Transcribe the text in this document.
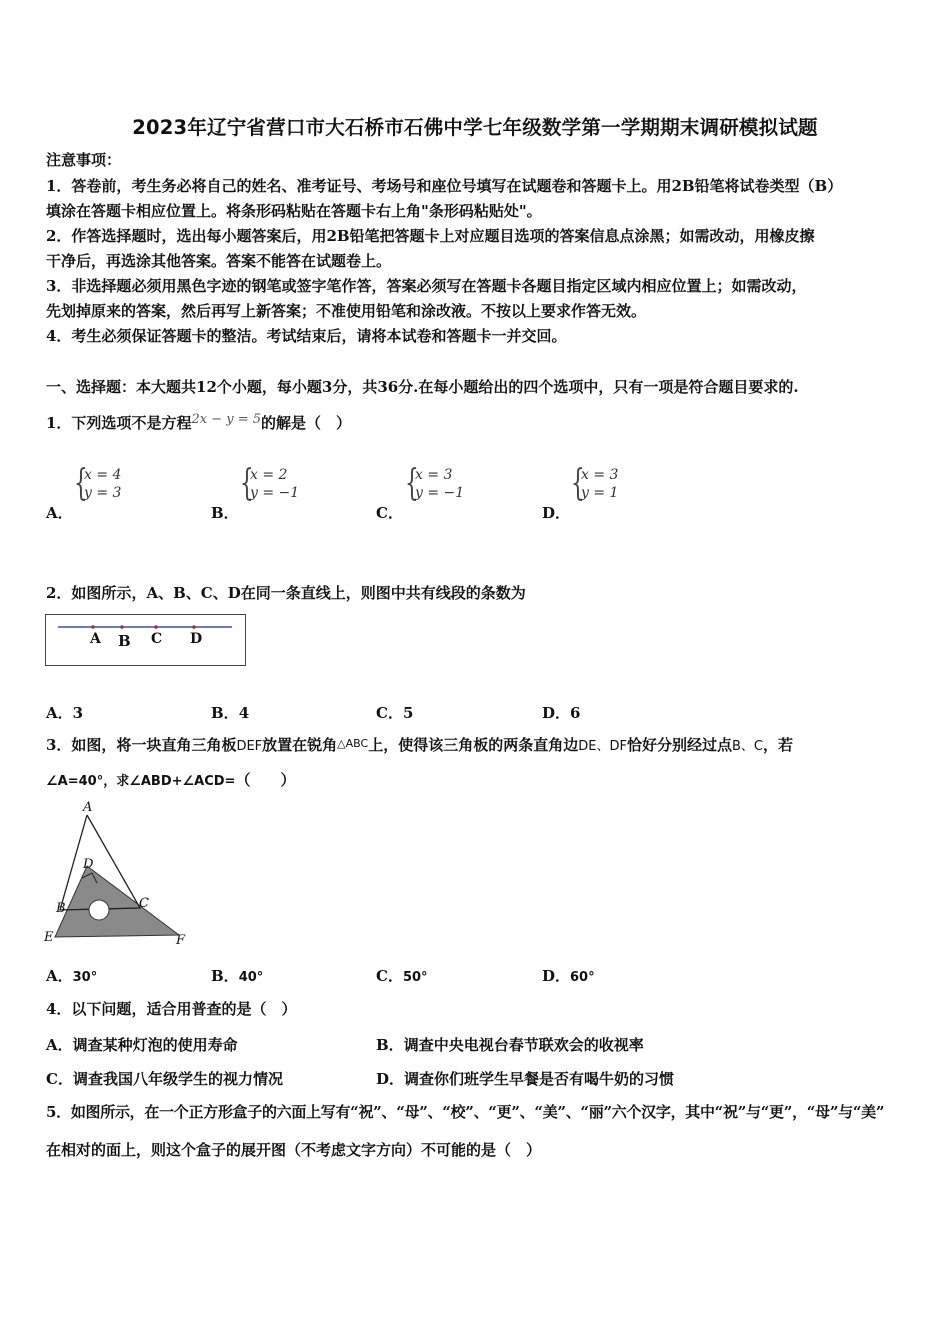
2023年辽宁省营口市大石桥市石佛中学七年级数学第一学期期末调研模拟试题
注意事项：
1．答卷前，考生务必将自己的姓名、准考证号、考场号和座位号填写在试题卷和答题卡上。用2B铅笔将试卷类型（B）
填涂在答题卡相应位置上。将条形码粘贴在答题卡右上角"条形码粘贴处"。
2．作答选择题时，选出每小题答案后，用2B铅笔把答题卡上对应题目选项的答案信息点涂黑；如需改动，用橡皮擦
干净后，再选涂其他答案。答案不能答在试题卷上。
3．非选择题必须用黑色字迹的钢笔或签字笔作答，答案必须写在答题卡各题目指定区域内相应位置上；如需改动，
先划掉原来的答案，然后再写上新答案；不准使用铅笔和涂改液。不按以上要求作答无效。
4．考生必须保证答题卡的整洁。考试结束后，请将本试卷和答题卡一并交回。
一、选择题：本大题共12个小题，每小题3分，共36分.在每小题给出的四个选项中，只有一项是符合题目要求的.
1．下列选项不是方程2x − y = 5的解是（　）
{
x = 4
y = 3	{
x = 2
y = −1	{
x = 3
y = −1	{
x = 3
y = 1
A．	B．	C．	D．
2．如图所示，A、B、C、D在同一条直线上，则图中共有线段的条数为
A B C D
A．3	B．4	C．5	D．6
3．如图，将一块直角三角板DEF放置在锐角$^{\triangle ABC}$上，使得该三角板的两条直角边DE、DF恰好分别经过点B、C，若
∠A=40°，求∠ABD+∠ACD=（　　）
A
D
B	C
E	F
A．30°	B．40°	C．50°	D．60°
4．以下问题，适合用普查的是（　）
A．调查某种灯泡的使用寿命	B．调查中央电视台春节联欢会的收视率
C．调查我国八年级学生的视力情况	D．调查你们班学生早餐是否有喝牛奶的习惯
5．如图所示，在一个正方形盒子的六面上写有“祝”、“母”、“校”、“更”、“美”、“丽”六个汉字，其中“祝”与“更”，“母”与“美”
在相对的面上，则这个盒子的展开图（不考虑文字方向）不可能的是（　）
